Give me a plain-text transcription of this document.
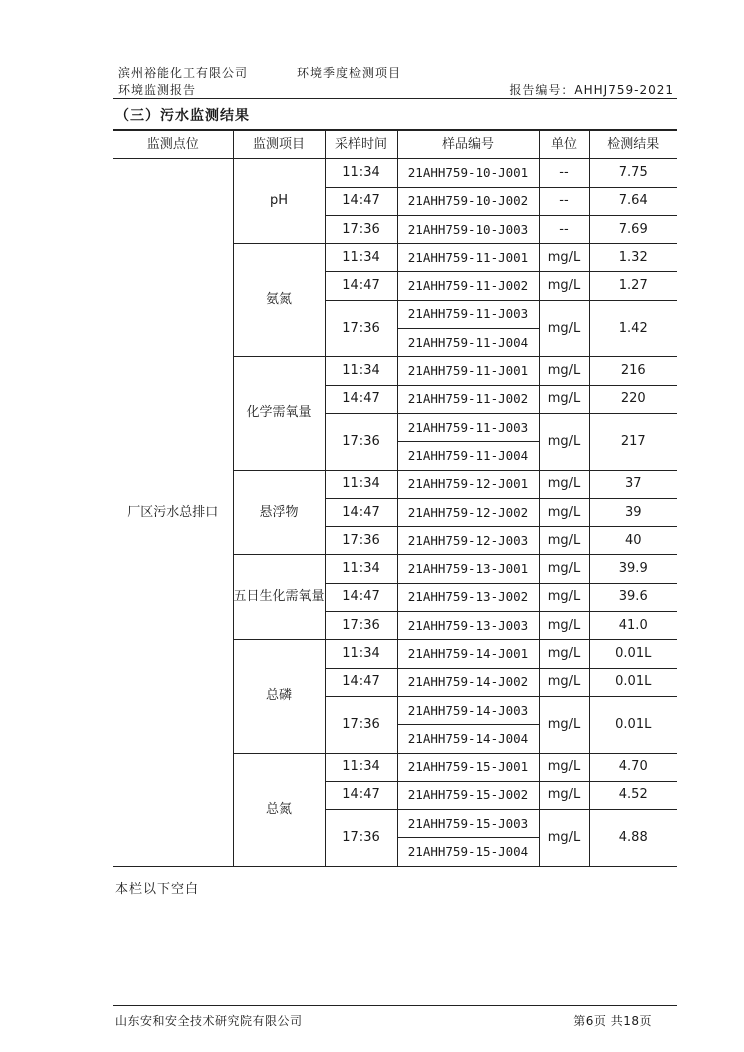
滨州裕能化工有限公司	环境季度检测项目
环境监测报告	报告编号：AHHJ759-2021
（三）污水监测结果
监测点位	监测项目	采样时间	样品编号	单位	检测结果
厂区污水总排口	pH	11:34	21AHH759-10-J001	--	7.75
		14:47	21AHH759-10-J002	--	7.64
		17:36	21AHH759-10-J003	--	7.69
	氨氮	11:34	21AHH759-11-J001	mg/L	1.32
		14:47	21AHH759-11-J002	mg/L	1.27
		17:36	21AHH759-11-J003	mg/L	1.42
			21AHH759-11-J004		
	化学需氧量	11:34	21AHH759-11-J001	mg/L	216
		14:47	21AHH759-11-J002	mg/L	220
		17:36	21AHH759-11-J003	mg/L	217
			21AHH759-11-J004		
	悬浮物	11:34	21AHH759-12-J001	mg/L	37
		14:47	21AHH759-12-J002	mg/L	39
		17:36	21AHH759-12-J003	mg/L	40
	五日生化需氧量	11:34	21AHH759-13-J001	mg/L	39.9
		14:47	21AHH759-13-J002	mg/L	39.6
		17:36	21AHH759-13-J003	mg/L	41.0
	总磷	11:34	21AHH759-14-J001	mg/L	0.01L
		14:47	21AHH759-14-J002	mg/L	0.01L
		17:36	21AHH759-14-J003	mg/L	0.01L
			21AHH759-14-J004		
	总氮	11:34	21AHH759-15-J001	mg/L	4.70
		14:47	21AHH759-15-J002	mg/L	4.52
		17:36	21AHH759-15-J003	mg/L	4.88
			21AHH759-15-J004		
本栏以下空白
山东安和安全技术研究院有限公司	第6页 共18页
